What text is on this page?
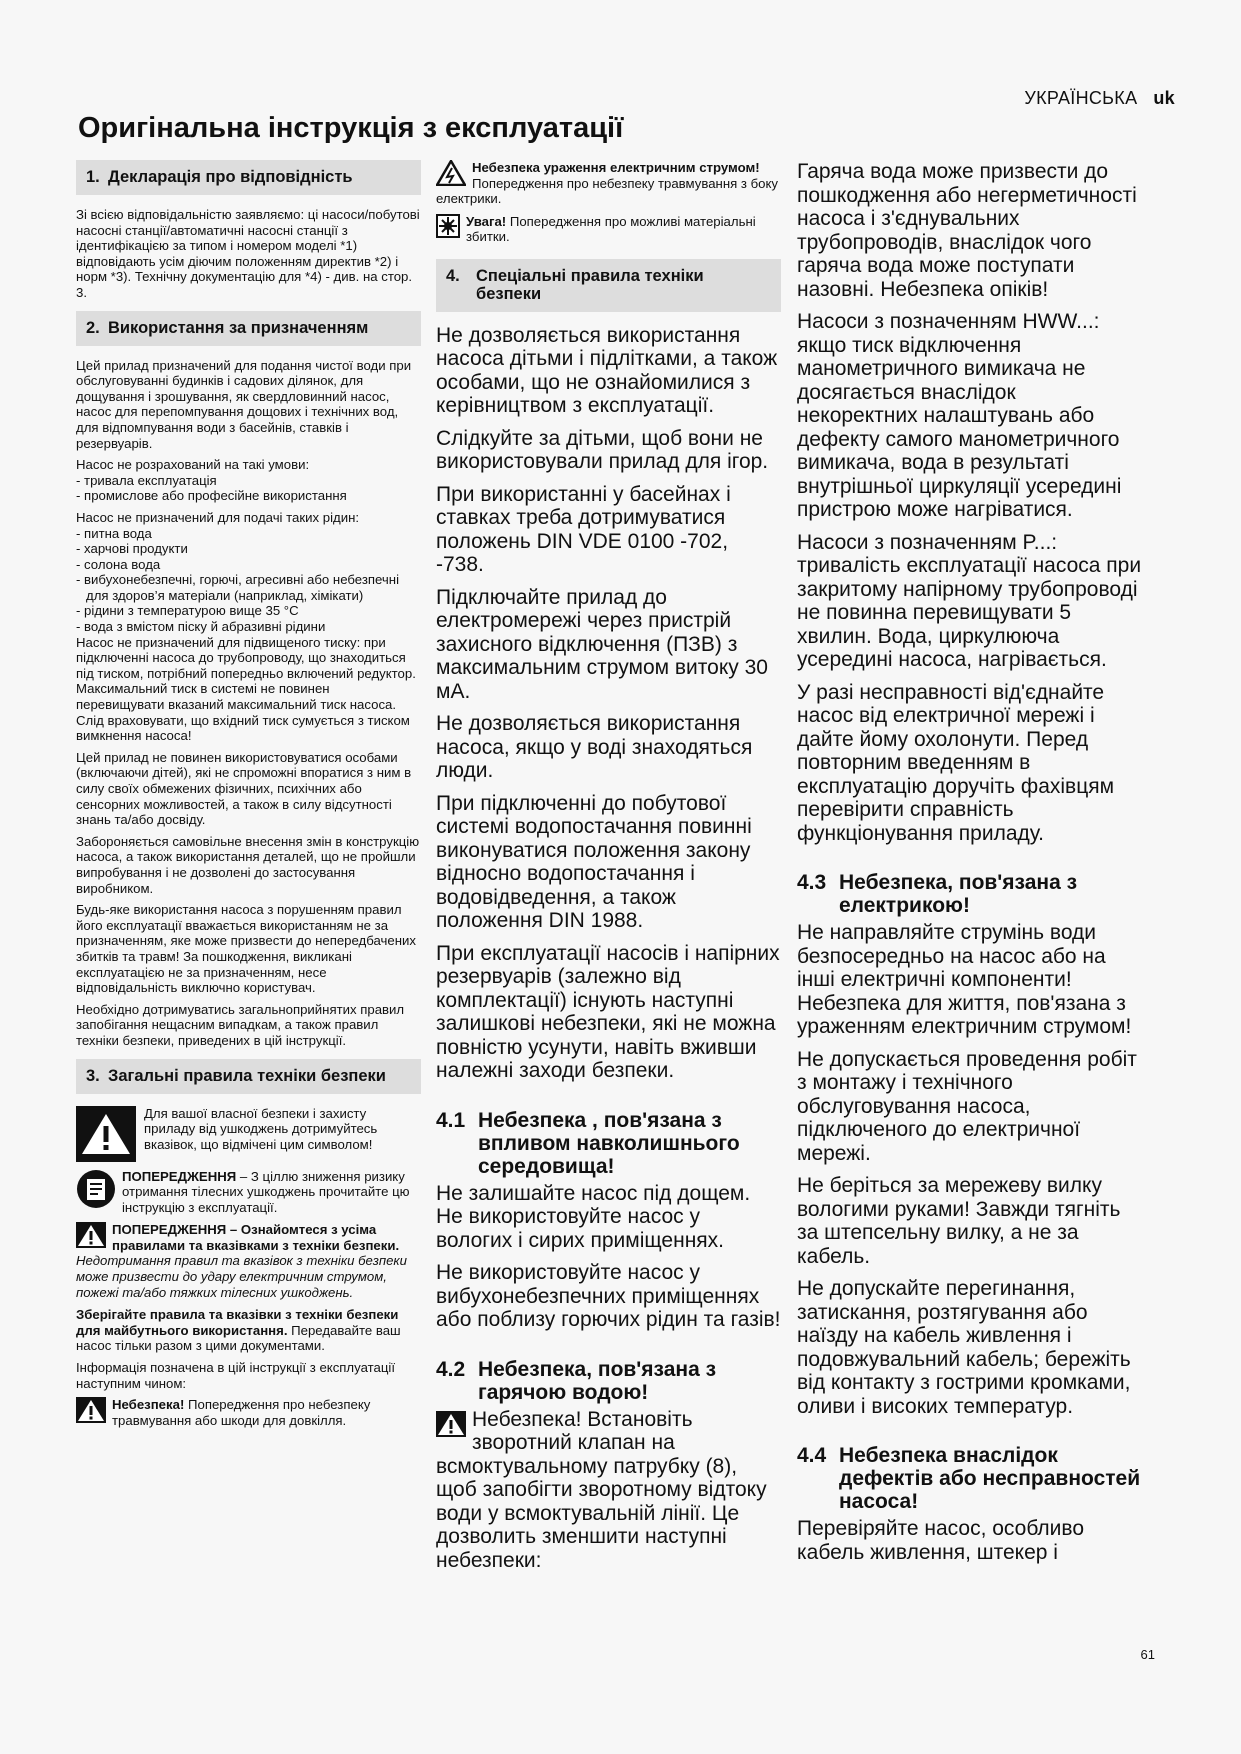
УКРАЇНСЬКА uk
Оригінальна інструкція з експлуатації
1. Декларація про відповідність

Зі всією відповідальністю заявляємо: ці насоси/побутові насосні станції/автоматичні насосні станції з ідентифікацією за типом і номером моделі *1) відповідають усім діючим положенням директив *2) і норм *3). Технічну документацію для *4) - див. на стор. 3.

2. Використання за призначенням

Цей прилад призначений для подання чистої води при обслуговуванні будинків і садових ділянок, для дощування і зрошування, як свердловинний насос, насос для перепомпування дощових і технічних вод, для відпомпування води з басейнів, ставків і резервуарів.

Насос не розрахований на такі умови:

- тривала експлуатація
- промислове або професійне використання

Насос не призначений для подачі таких рідин:

- питна вода
- харчові продукти
- солона вода
- вибухонебезпечні, горючі, агресивні або небезпечні для здоров’я матеріали (наприклад, хімікати)
- рідини з температурою вище 35 °C
- вода з вмістом піску й абразивні рідини

Насос не призначений для підвищеного тиску: при підключенні насоса до трубопроводу, що знаходиться під тиском, потрібний попередньо включений редуктор. Максимальний тиск в системі не повинен перевищувати вказаний максимальний тиск насоса. Слід враховувати, що вхідний тиск сумується з тиском вимкнення насоса!

Цей прилад не повинен використовуватися особами (включаючи дітей), які не спроможні впоратися з ним в силу своїх обмежених фізичних, психічних або сенсорних можливостей, а також в силу відсутності знань та/або досвіду.

Забороняється самовільне внесення змін в конструкцію насоса, а також використання деталей, що не пройшли випробування і не дозволені до застосування виробником.

Будь-яке використання насоса з порушенням правил його експлуатації вважається використанням не за призначенням, яке може призвести до непередбачених збитків та травм! За пошкодження, викликані експлуатацією не за призначенням, несе відповідальність виключно користувач.

Необхідно дотримуватись загальноприйнятих правил запобігання нещасним випадкам, а також правил техніки безпеки, приведених в цій інструкції.

3. Загальні правила техніки безпеки
Для вашої власної безпеки і захисту приладу від ушкоджень дотримуйтесь вказівок, що відмічені цим символом!
ПОПЕРЕДЖЕННЯ – З ціллю зниження ризику отримання тілесних ушкоджень прочитайте цю інструкцію з експлуатації.
ПОПЕРЕДЖЕННЯ – Ознайомтеся з усіма правилами та вказівками з техніки безпеки. Недотримання правил та вказівок з техніки безпеки може призвести до удару електричним струмом, пожежі та/або тяжких тілесних ушкоджень.

Зберігайте правила та вказівки з техніки безпеки для майбутнього використання. Передавайте ваш насос тільки разом з цими документами.

Інформація позначена в цій інструкції з експлуатації наступним чином:

Небезпека! Попередження про небезпеку травмування або шкоди для довкілля.
Небезпека ураження електричним струмом! Попередження про небезпеку травмування з боку електрики.
Увага! Попередження про можливі матеріальні збитки.
4. Спеціальні правила техніки безпеки

Не дозволяється використання насоса дітьми і підлітками, а також особами, що не ознайомилися з керівництвом з експлуатації.

Слідкуйте за дітьми, щоб вони не використовували прилад для ігор.

При використанні у басейнах і ставках треба дотримуватися положень DIN VDE 0100 -702, -738.

Підключайте прилад до електромережі через пристрій захисного відключення (ПЗВ) з максимальним струмом витоку 30 мА.

Не дозволяється використання насоса, якщо у воді знаходяться люди.

При підключенні до побутової системі водопостачання повинні виконуватися положення закону відносно водопостачання і водовідведення, а також положення DIN 1988.

При експлуатації насосів і напірних резервуарів (залежно від комплектації) існують наступні залишкові небезпеки, які не можна повністю усунути, навіть вживши належні заходи безпеки.

4.1 Небезпека , пов'язана з впливом навколишнього середовища!

Не залишайте насос під дощем. Не використовуйте насос у вологих і сирих приміщеннях.

Не використовуйте насос у вибухонебезпечних приміщеннях або поблизу горючих рідин та газів!

4.2 Небезпека, пов'язана з гарячою водою!
Небезпека! Встановіть зворотний клапан на всмоктувальному патрубку (8), щоб запобігти зворотному відтоку води у всмоктувальній лінії. Це дозволить зменшити наступні небезпеки:

Гаряча вода може призвести до пошкодження або негерметичності насоса і з'єднувальних трубопроводів, внаслідок чого гаряча вода може поступати назовні. Небезпека опіків!

Насоси з позначенням HWW...: якщо тиск відключення манометричного вимикача не досягається внаслідок некоректних налаштувань або дефекту самого манометричного вимикача, вода в результаті внутрішньої циркуляції усередині пристрою може нагріватися.

Насоси з позначенням P...: тривалість експлуатації насоса при закритому напірному трубопроводі не повинна перевищувати 5 хвилин. Вода, циркулююча усередині насоса, нагрівається.

У разі несправності від'єднайте насос від електричної мережі і дайте йому охолонути. Перед повторним введенням в експлуатацію доручіть фахівцям перевірити справність функціонування приладу.

4.3 Небезпека, пов'язана з електрикою!

Не направляйте струмінь води безпосередньо на насос або на інші електричні компоненти! Небезпека для життя, пов'язана з ураженням електричним струмом!

Не допускається проведення робіт з монтажу і технічного обслуговування насоса, підключеного до електричної мережі.

Не беріться за мережеву вилку вологими руками! Завжди тягніть за штепсельну вилку, а не за кабель.

Не допускайте перегинання, затискання, розтягування або наїзду на кабель живлення і подовжувальний кабель; бережіть від контакту з гострими кромками, оливи і високих температур.

4.4 Небезпека внаслідок дефектів або несправностей насоса!

Перевіряйте насос, особливо кабель живлення, штекер і

61
